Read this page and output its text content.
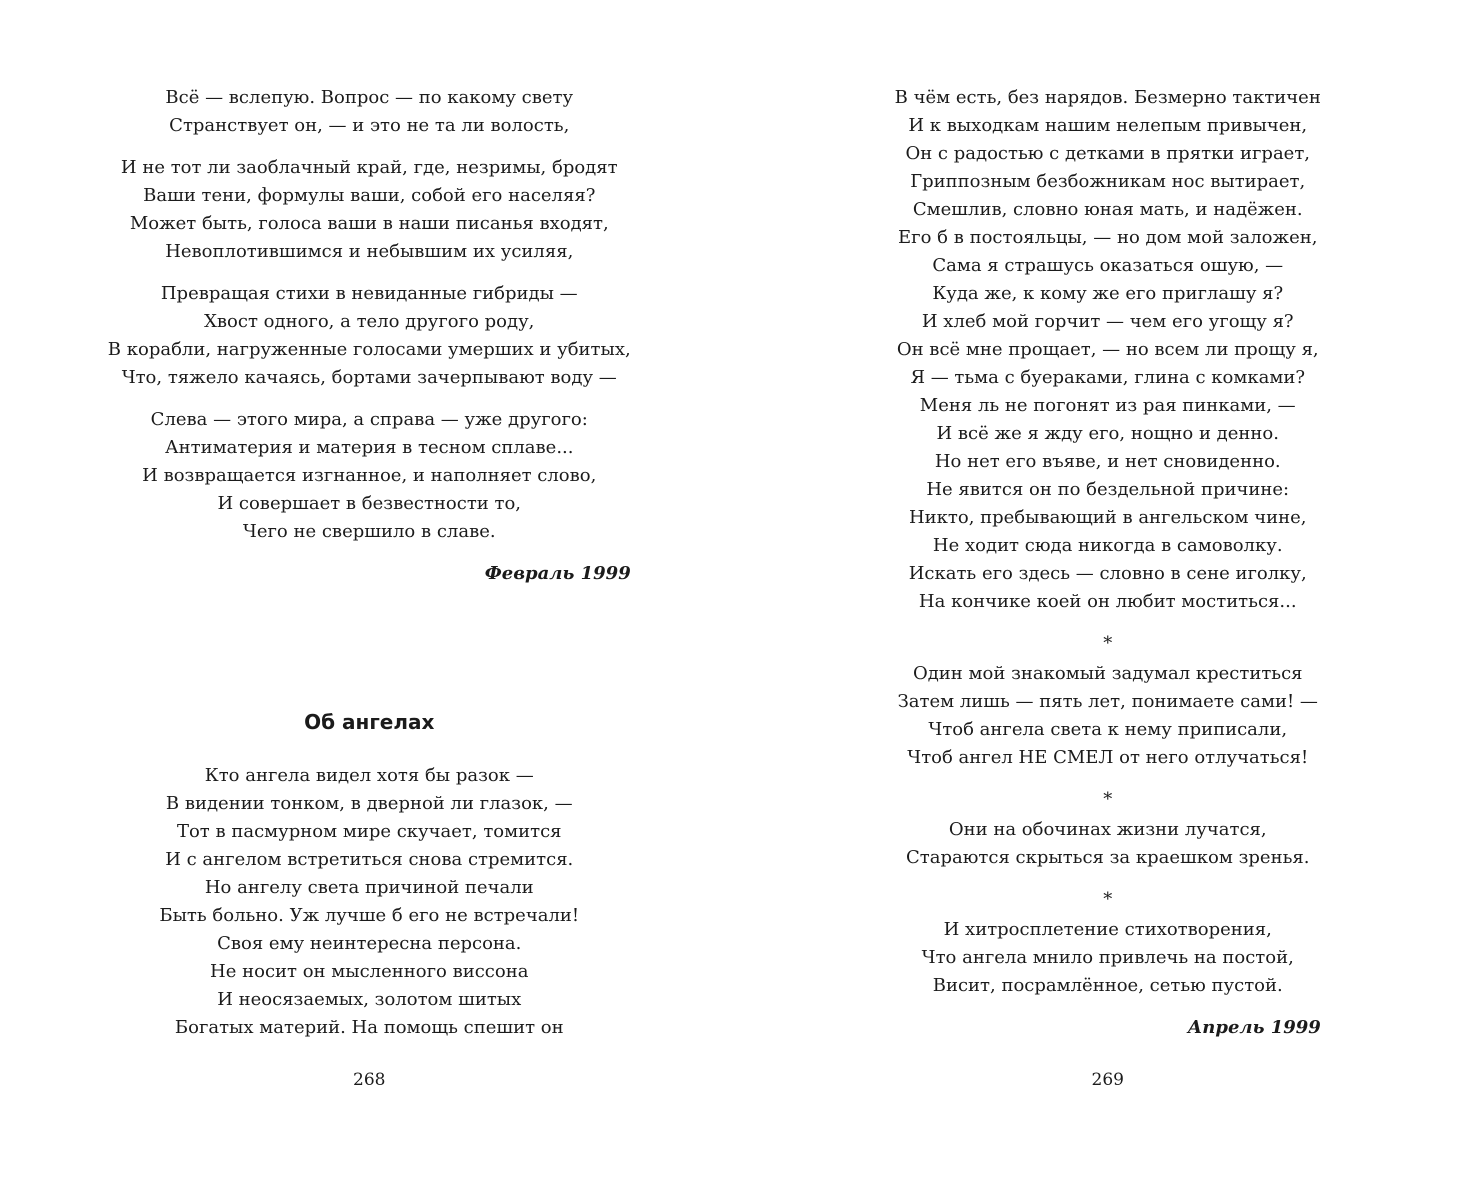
Всё — вслепую. Вопрос — по какому свету
Странствует он, — и это не та ли волость,
И не тот ли заоблачный край, где, незримы, бродят
Ваши тени, формулы ваши, собой его населяя?
Может быть, голоса ваши в наши писанья входят,
Невоплотившимся и небывшим их усиляя,
Превращая стихи в невиданные гибриды —
Хвост одного, а тело другого роду,
В корабли, нагруженные голосами умерших и убитых,
Что, тяжело качаясь, бортами зачерпывают воду —
Слева — этого мира, а справа — уже другого:
Антиматерия и материя в тесном сплаве...
И возвращается изгнанное, и наполняет слово,
И совершает в безвестности то,
Чего не свершило в славе.
Февраль 1999
Об ангелах
Кто ангела видел хотя бы разок —
В видении тонком, в дверной ли глазок, —
Тот в пасмурном мире скучает, томится
И с ангелом встретиться снова стремится.
Но ангелу света причиной печали
Быть больно. Уж лучше б его не встречали!
Своя ему неинтересна персона.
Не носит он мысленного виссона
И неосязаемых, золотом шитых
Богатых материй. На помощь спешит он
268
В чём есть, без нарядов. Безмерно тактичен
И к выходкам нашим нелепым привычен,
Он с радостью с детками в прятки играет,
Гриппозным безбожникам нос вытирает,
Смешлив, словно юная мать, и надёжен.
Его б в постояльцы, — но дом мой заложен,
Сама я страшусь оказаться ошую, —
Куда же, к кому же его приглашу я?
И хлеб мой горчит — чем его угощу я?
Он всё мне прощает, — но всем ли прощу я,
Я — тьма с буераками, глина с комками?
Меня ль не погонят из рая пинками, —
И всё же я жду его, нощно и денно.
Но нет его въяве, и нет сновиденно.
Не явится он по бездельной причине:
Никто, пребывающий в ангельском чине,
Не ходит сюда никогда в самоволку.
Искать его здесь — словно в сене иголку,
На кончике коей он любит моститься...
*
Один мой знакомый задумал креститься
Затем лишь — пять лет, понимаете сами! —
Чтоб ангела света к нему приписали,
Чтоб ангел НЕ СМЕЛ от него отлучаться!
*
Они на обочинах жизни лучатся,
Стараются скрыться за краешком зренья.
*
И хитросплетение стихотворения,
Что ангела мнило привлечь на постой,
Висит, посрамлённое, сетью пустой.
Апрель 1999
269
